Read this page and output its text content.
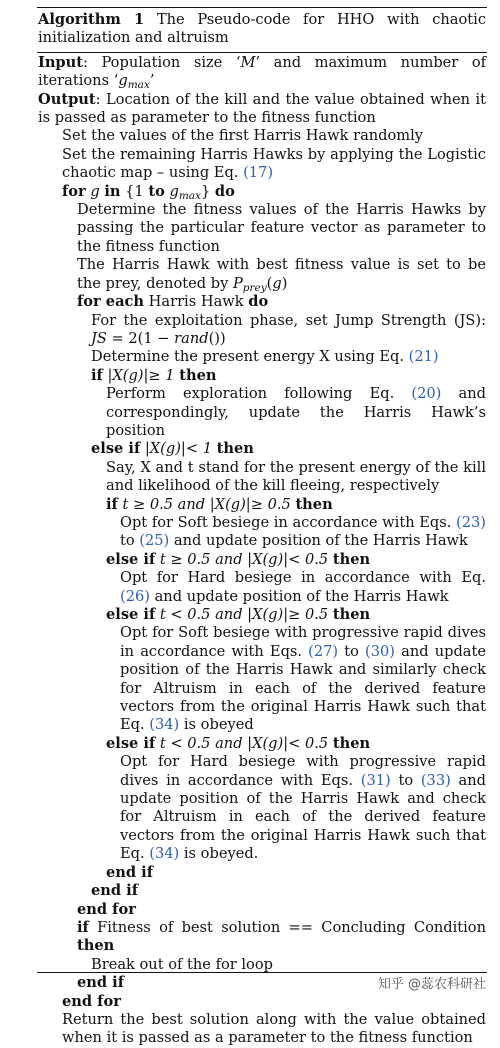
Algorithm 1 The Pseudo-code for HHO with chaotic initialization and altruism
Input: Population size ‘M’ and maximum number of iterations ‘$g_{max}$’
Output: Location of the kill and the value obtained when it is passed as parameter to the fitness function
Set the values of the first Harris Hawk randomly
Set the remaining Harris Hawks by applying the Logistic chaotic map – using Eq. (17)
for g in {1 to $g_{max}$} do
Determine the fitness values of the Harris Hawks by passing the particular feature vector as parameter to the fitness function
The Harris Hawk with best fitness value is set to be the prey, denoted by $P_{prey}(g)$
for each Harris Hawk do
For the exploitation phase, set Jump Strength (JS): JS = 2(1 − rand())
Determine the present energy X using Eq. (21)
if |X(g)|≥ 1 then
Perform exploration following Eq. (20) and correspondingly, update the Harris Hawk’s position
else if |X(g)|< 1 then
Say, X and t stand for the present energy of the kill and likelihood of the kill fleeing, respectively
if t ≥ 0.5 and |X(g)|≥ 0.5 then
Opt for Soft besiege in accordance with Eqs. (23) to (25) and update position of the Harris Hawk
else if t ≥ 0.5 and |X(g)|< 0.5 then
Opt for Hard besiege in accordance with Eq. (26) and update position of the Harris Hawk
else if t < 0.5 and |X(g)|≥ 0.5 then
Opt for Soft besiege with progressive rapid dives in accordance with Eqs. (27) to (30) and update position of the Harris Hawk and similarly check for Altruism in each of the derived feature vectors from the original Harris Hawk such that Eq. (34) is obeyed
else if t < 0.5 and |X(g)|< 0.5 then
Opt for Hard besiege with progressive rapid dives in accordance with Eqs. (31) to (33) and update position of the Harris Hawk and check for Altruism in each of the derived feature vectors from the original Harris Hawk such that Eq. (34) is obeyed.
end if
end if
end for
if Fitness of best solution == Concluding Condition then
Break out of the for loop
end if
end for
Return the best solution along with the value obtained when it is passed as a parameter to the fitness function
知乎 @蕊农科研社
